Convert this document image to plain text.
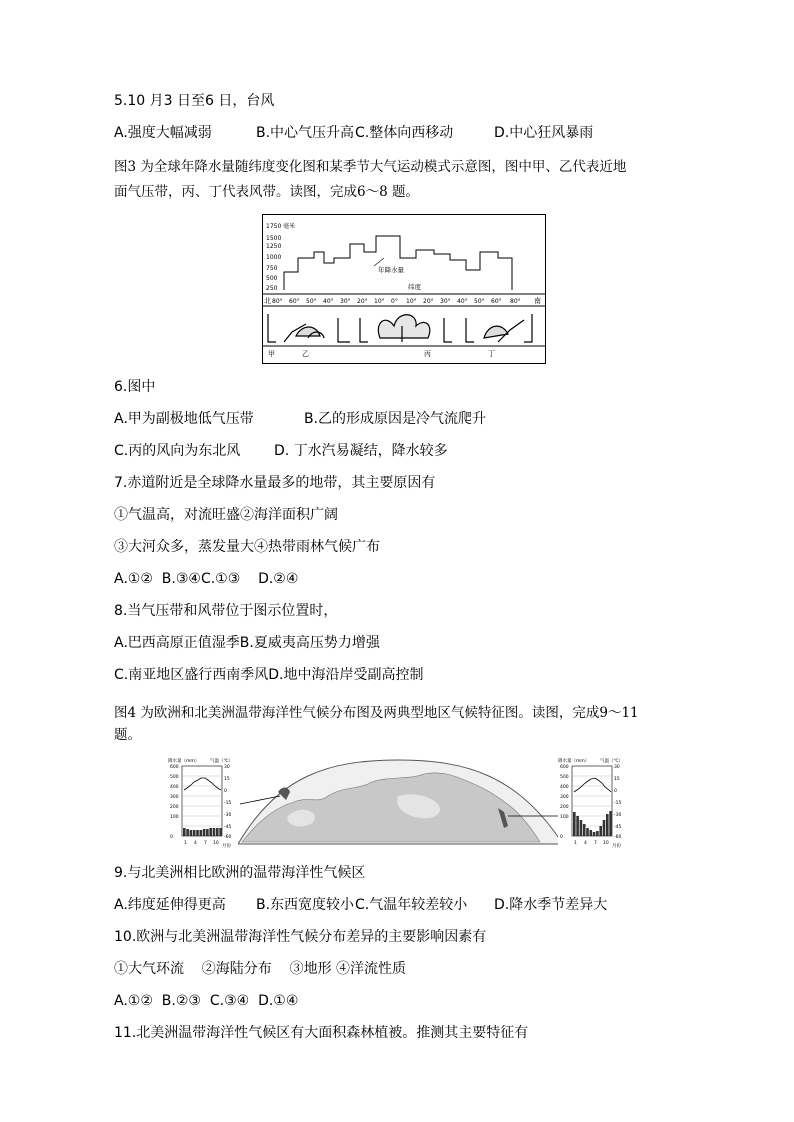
5.10 月3 日至6 日，台风
A.强度大幅减弱	B.中心气压升高 C.整体向西移动	D.中心狂风暴雨
图3 为全球年降水量随纬度变化图和某季节大气运动模式示意图，图中甲、乙代表近地
面气压带，丙、丁代表风带。读图，完成6～8 题。
1750 毫米
1500
1250
1000
750
500
250
年降水量
纬度
北	南
80° 60° 50° 40° 30° 20° 10° 0° 10° 20° 30° 40° 50° 60° 80°
甲	乙	丙	丁
6.图中
A.甲为副极地低气压带	B.乙的形成原因是冷气流爬升
C.丙的风向为东北风 D. 丁水汽易凝结，降水较多
7.赤道附近是全球降水量最多的地带，其主要原因有
①气温高，对流旺盛②海洋面积广阔
③大河众多，蒸发量大④热带雨林气候广布
A.①②  B.③④C.①③    D.②④
8.当气压带和风带位于图示位置时，
A.巴西高原正值湿季B.夏威夷高压势力增强
C.南亚地区盛行西南季风D.地中海沿岸受副高控制
图4 为欧洲和北美洲温带海洋性气候分布图及两典型地区气候特征图。读图，完成9～11
题。
降水量（mm） 气温（℃）
600
500
400
300
200
100
0
30
15
0
-15
-30
-45
-60
1 4 7 10
月份
降水量（mm） 气温（℃）
600
500
400
300
200
100
0
30
15
0
-15
-30
-45
-60
1 4 7 10
月份
9.与北美洲相比欧洲的温带海洋性气候区
A.纬度延伸得更高 B.东西宽度较小 C.气温年较差较小 D.降水季节差异大
10.欧洲与北美洲温带海洋性气候分布差异的主要影响因素有
①大气环流    ②海陆分布    ③地形 ④洋流性质
A.①②  B.②③  C.③④  D.①④
11.北美洲温带海洋性气候区有大面积森林植被。推测其主要特征有
